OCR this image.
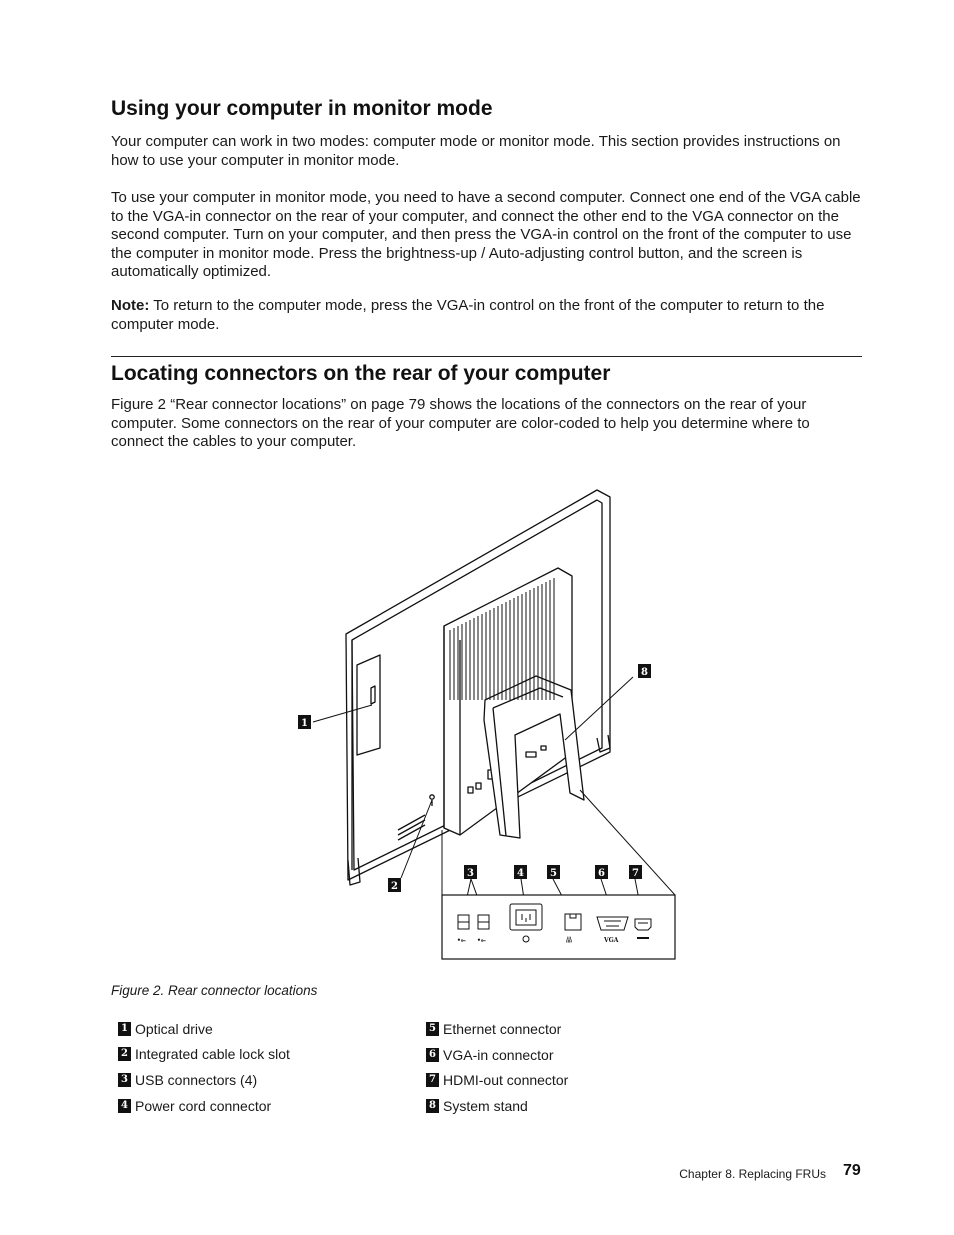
Using your computer in monitor mode

Your computer can work in two modes: computer mode or monitor mode. This section provides instructions on how to use your computer in monitor mode.

To use your computer in monitor mode, you need to have a second computer. Connect one end of the VGA cable to the VGA-in connector on the rear of your computer, and connect the other end to the VGA connector on the second computer. Turn on your computer, and then press the VGA-in control on the front of the computer to use the computer in monitor mode. Press the brightness-up / Auto-adjusting control button, and the screen is automatically optimized.

Note: To return to the computer mode, press the VGA-in control on the front of the computer to return to the computer mode.

Locating connectors on the rear of your computer

Figure 2 “Rear connector locations” on page 79 shows the locations of the connectors on the rear of your computer. Some connectors on the rear of your computer are color-coded to help you determine where to connect the cables to your computer.

•⟜ •⟜	品	VGA
1
2
3	4	5	6	7
8
Figure 2. Rear connector locations
1 Optical drive
2 Integrated cable lock slot
3 USB connectors (4)
4 Power cord connector
5 Ethernet connector
6 VGA-in connector
7 HDMI-out connector
8 System stand
Chapter 8. Replacing FRUs 79
